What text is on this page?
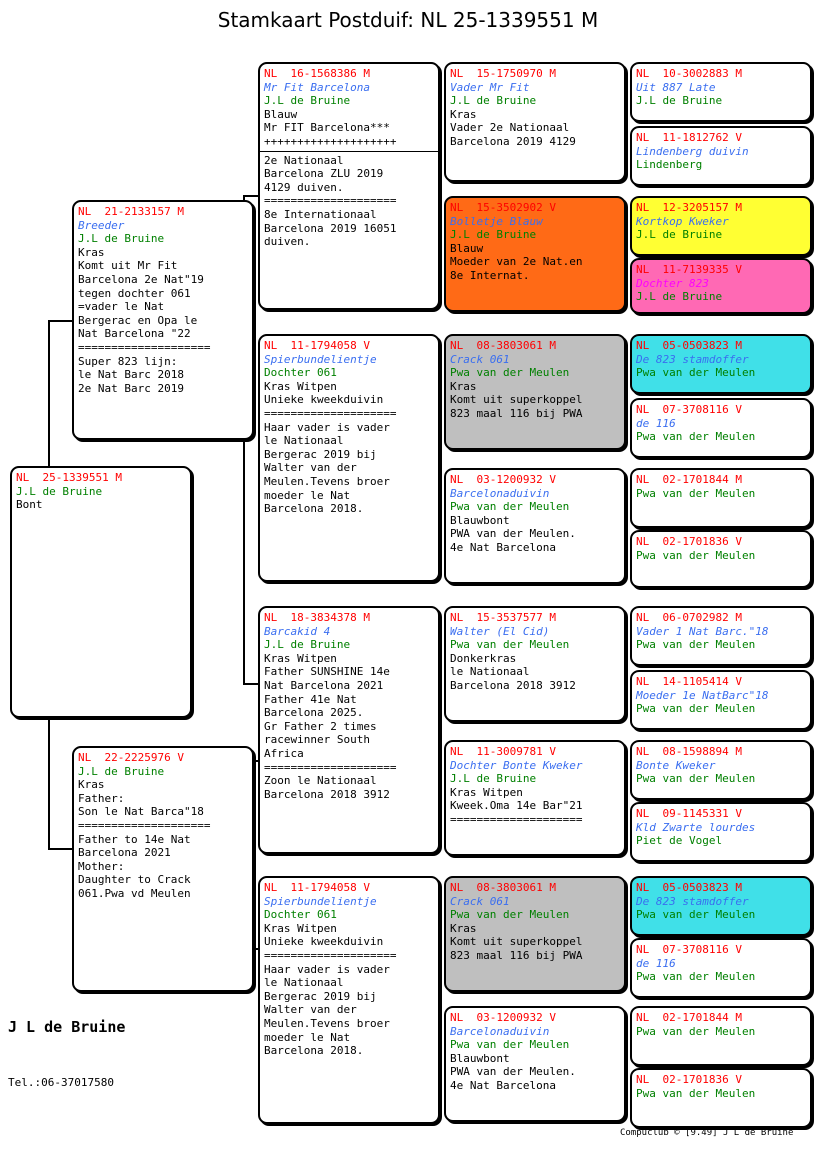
Stamkaart Postduif: NL 25-1339551 M
NL  25-1339551 M
J.L de Bruine
Bont
NL  21-2133157 M
Breeder
J.L de Bruine
Kras
Komt uit Mr Fit
Barcelona 2e Nat"19
tegen dochter 061
=vader le Nat
Bergerac en Opa le
Nat Barcelona "22
====================
Super 823 lijn:
le Nat Barc 2018
2e Nat Barc 2019
NL  22-2225976 V
J.L de Bruine
Kras
Father:
Son le Nat Barca"18
====================
Father to 14e Nat
Barcelona 2021
Mother:
Daughter to Crack
061.Pwa vd Meulen
NL  16-1568386 M
Mr Fit Barcelona
J.L de Bruine
Blauw
Mr FIT Barcelona***
++++++++++++++++++++
2e Nationaal
Barcelona ZLU 2019
4129 duiven.
====================
8e Internationaal
Barcelona 2019 16051
duiven.
NL  11-1794058 V
Spierbundelientje
Dochter 061
Kras Witpen
Unieke kweekduivin
====================
Haar vader is vader
le Nationaal
Bergerac 2019 bij
Walter van der
Meulen.Tevens broer
moeder le Nat
Barcelona 2018.
NL  18-3834378 M
Barcakid 4
J.L de Bruine
Kras Witpen
Father SUNSHINE 14e
Nat Barcelona 2021
Father 41e Nat
Barcelona 2025.
Gr Father 2 times
racewinner South
Africa
====================
Zoon le Nationaal
Barcelona 2018 3912
NL  11-1794058 V
Spierbundelientje
Dochter 061
Kras Witpen
Unieke kweekduivin
====================
Haar vader is vader
le Nationaal
Bergerac 2019 bij
Walter van der
Meulen.Tevens broer
moeder le Nat
Barcelona 2018.
NL  15-1750970 M
Vader Mr Fit
J.L de Bruine
Kras
Vader 2e Nationaal
Barcelona 2019 4129
NL  15-3502902 V
Bolletje Blauw
J.L de Bruine
Blauw
Moeder van 2e Nat.en
8e Internat.
NL  08-3803061 M
Crack 061
Pwa van der Meulen
Kras
Komt uit superkoppel
823 maal 116 bij PWA
NL  03-1200932 V
Barcelonaduivin
Pwa van der Meulen
Blauwbont
PWA van der Meulen.
4e Nat Barcelona
NL  15-3537577 M
Walter (El Cid)
Pwa van der Meulen
Donkerkras
le Nationaal
Barcelona 2018 3912
NL  11-3009781 V
Dochter Bonte Kweker
J.L de Bruine
Kras Witpen
Kweek.Oma 14e Bar"21
====================
NL  08-3803061 M
Crack 061
Pwa van der Meulen
Kras
Komt uit superkoppel
823 maal 116 bij PWA
NL  03-1200932 V
Barcelonaduivin
Pwa van der Meulen
Blauwbont
PWA van der Meulen.
4e Nat Barcelona
NL  10-3002883 M
Uit 887 Late
J.L de Bruine
NL  11-1812762 V
Lindenberg duivin
Lindenberg
NL  12-3205157 M
Kortkop Kweker
J.L de Bruine
NL  11-7139335 V
Dochter 823
J.L de Bruine
NL  05-0503823 M
De 823 stamdoffer
Pwa van der Meulen
NL  07-3708116 V
de 116
Pwa van der Meulen
NL  02-1701844 M
Pwa van der Meulen
NL  02-1701836 V
Pwa van der Meulen
NL  06-0702982 M
Vader 1 Nat Barc."18
Pwa van der Meulen
NL  14-1105414 V
Moeder 1e NatBarc"18
Pwa van der Meulen
NL  08-1598894 M
Bonte Kweker
Pwa van der Meulen
NL  09-1145331 V
Kld Zwarte lourdes
Piet de Vogel
NL  05-0503823 M
De 823 stamdoffer
Pwa van der Meulen
NL  07-3708116 V
de 116
Pwa van der Meulen
NL  02-1701844 M
Pwa van der Meulen
NL  02-1701836 V
Pwa van der Meulen
J L de Bruine
Tel.:06-37017580
Compuclub © [9.49] J L de Bruine
